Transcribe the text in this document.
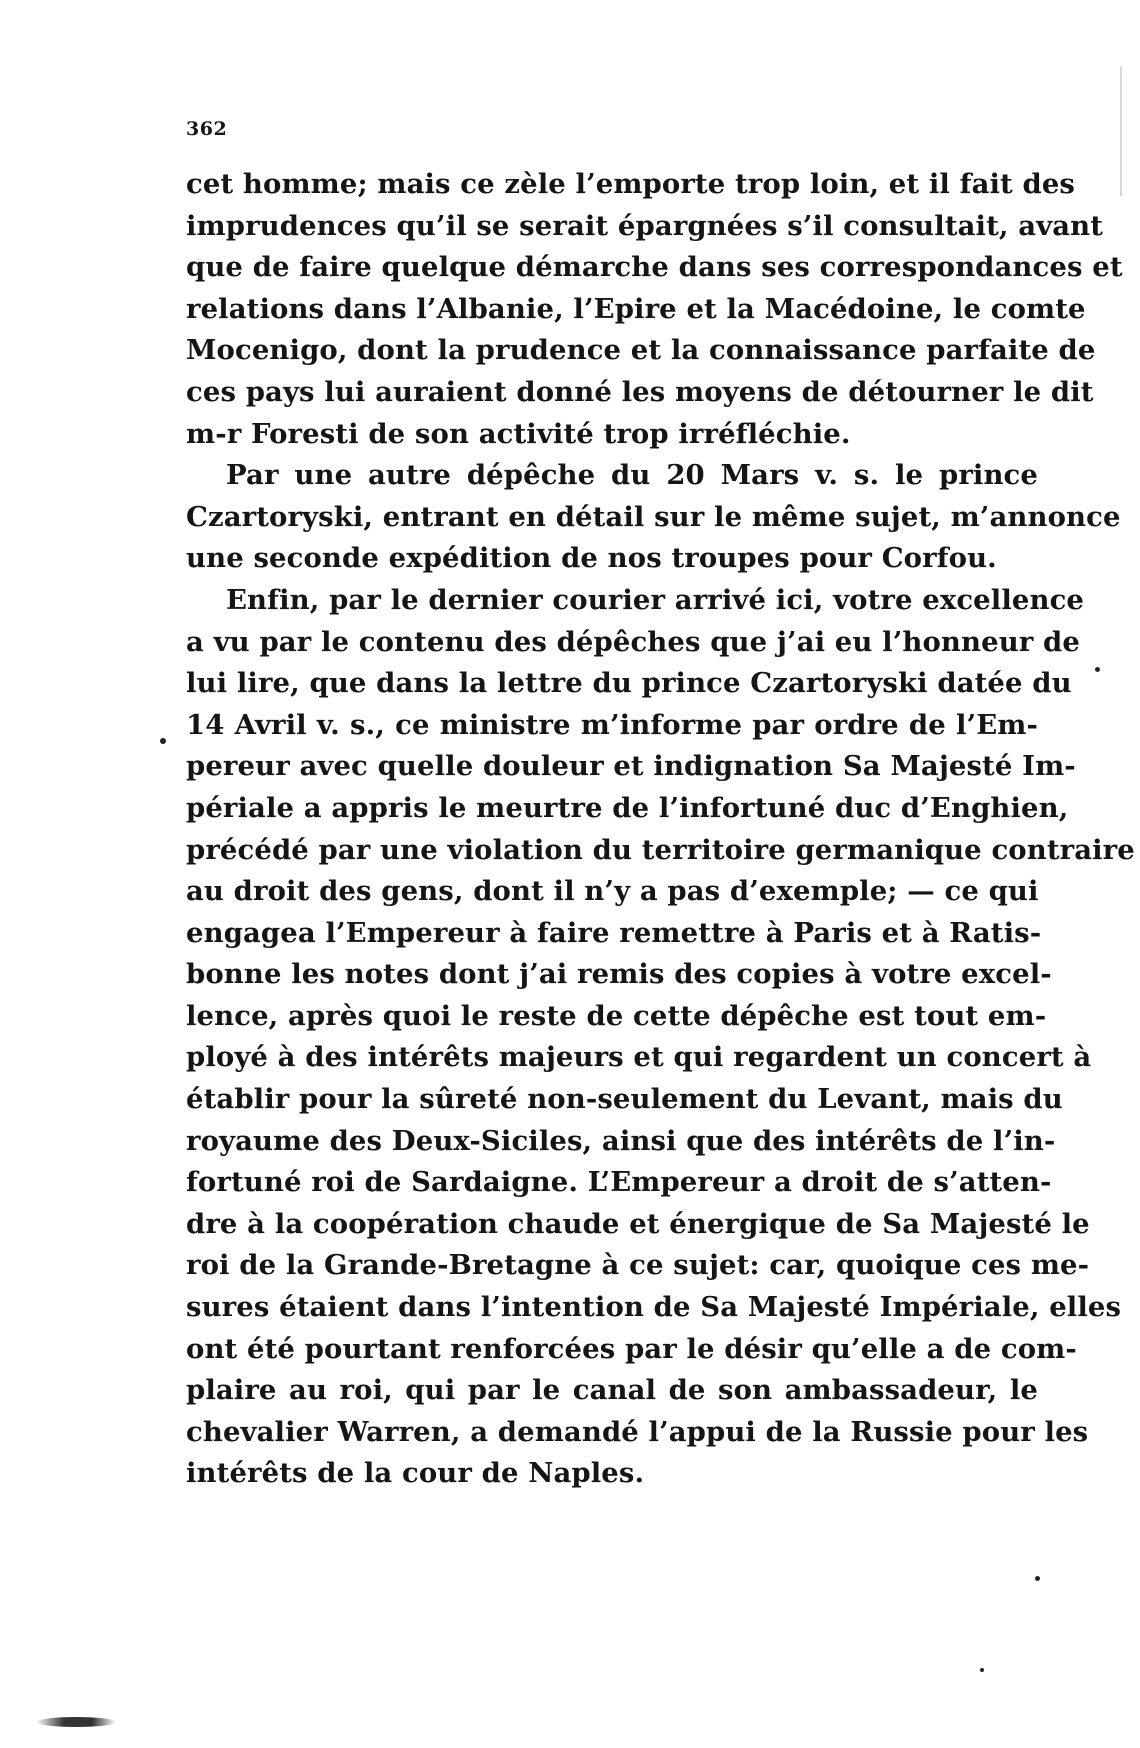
362
cet homme; mais ce zèle l’emporte trop loin, et il fait des
imprudences qu’il se serait épargnées s’il consultait, avant
que de faire quelque démarche dans ses correspondances et
relations dans l’Albanie, l’Epire et la Macédoine, le comte
Mocenigo, dont la prudence et la connaissance parfaite de
ces pays lui auraient donné les moyens de détourner le dit
m-r Foresti de son activité trop irréfléchie.
Par une autre dépêche du 20 Mars v. s. le prince
Czartoryski, entrant en détail sur le même sujet, m’annonce
une seconde expédition de nos troupes pour Corfou.
Enfin, par le dernier courier arrivé ici, votre excellence
a vu par le contenu des dépêches que j’ai eu l’honneur de
lui lire, que dans la lettre du prince Czartoryski datée du
14 Avril v. s., ce ministre m’informe par ordre de l’Em-
pereur avec quelle douleur et indignation Sa Majesté Im-
périale a appris le meurtre de l’infortuné duc d’Enghien,
précédé par une violation du territoire germanique contraire
au droit des gens, dont il n’y a pas d’exemple; — ce qui
engagea l’Empereur à faire remettre à Paris et à Ratis-
bonne les notes dont j’ai remis des copies à votre excel-
lence, après quoi le reste de cette dépêche est tout em-
ployé à des intérêts majeurs et qui regardent un concert à
établir pour la sûreté non-seulement du Levant, mais du
royaume des Deux-Siciles, ainsi que des intérêts de l’in-
fortuné roi de Sardaigne. L’Empereur a droit de s’atten-
dre à la coopération chaude et énergique de Sa Majesté le
roi de la Grande-Bretagne à ce sujet: car, quoique ces me-
sures étaient dans l’intention de Sa Majesté Impériale, elles
ont été pourtant renforcées par le désir qu’elle a de com-
plaire au roi, qui par le canal de son ambassadeur, le
chevalier Warren, a demandé l’appui de la Russie pour les
intérêts de la cour de Naples.
